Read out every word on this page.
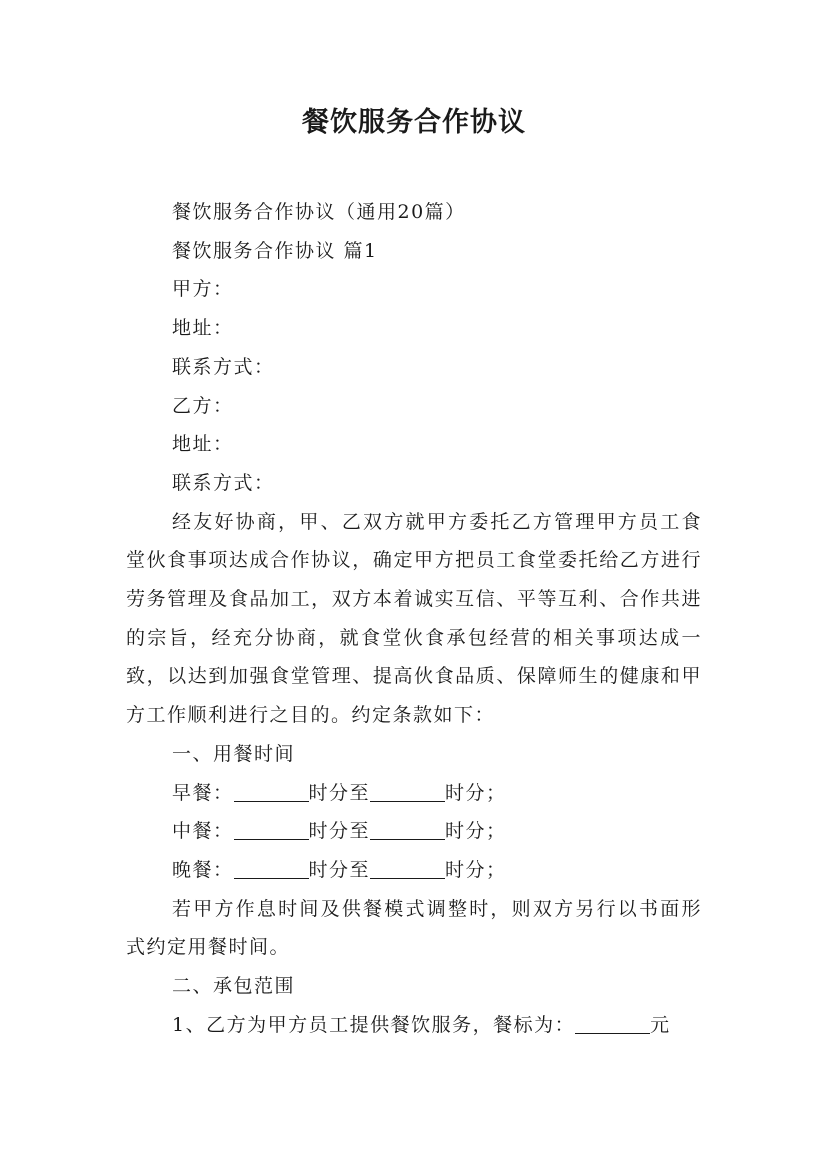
餐饮服务合作协议

餐饮服务合作协议（通用20篇）

餐饮服务合作协议 篇1

甲方：

地址：

联系方式：

乙方：

地址：

联系方式：

经友好协商，甲、乙双方就甲方委托乙方管理甲方员工食堂伙食事项达成合作协议，确定甲方把员工食堂委托给乙方进行劳务管理及食品加工，双方本着诚实互信、平等互利、合作共进的宗旨，经充分协商，就食堂伙食承包经营的相关事项达成一致，以达到加强食堂管理、提高伙食品质、保障师生的健康和甲方工作顺利进行之目的。约定条款如下：

一、用餐时间

早餐：	时分至	时分；

中餐：	时分至	时分；

晚餐：	时分至	时分；

若甲方作息时间及供餐模式调整时，则双方另行以书面形式约定用餐时间。

二、承包范围

1、乙方为甲方员工提供餐饮服务，餐标为：	元
